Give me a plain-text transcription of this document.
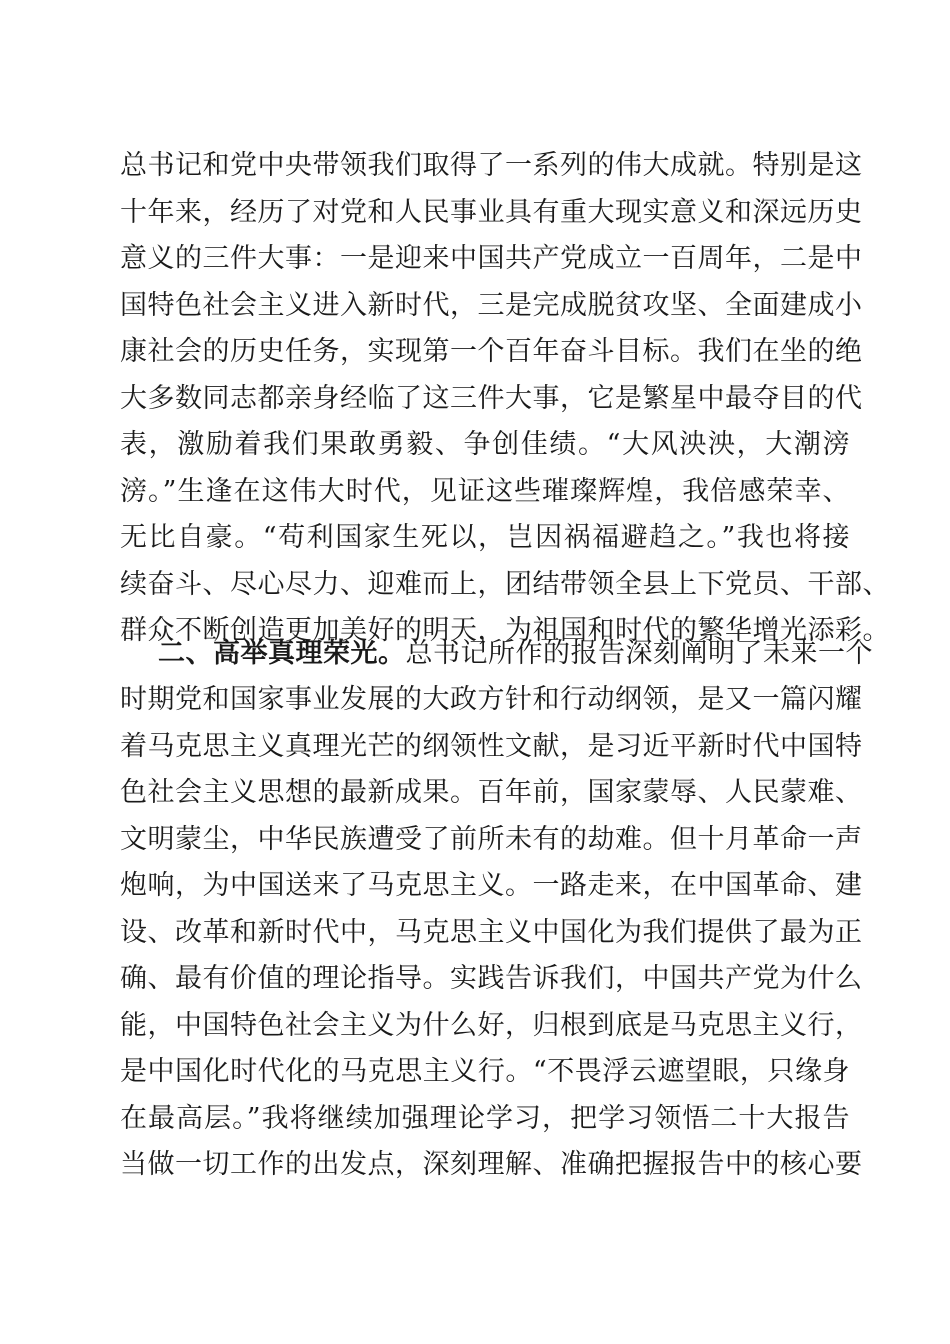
总书记和党中央带领我们取得了一系列的伟大成就。特别是这
十年来，经历了对党和人民事业具有重大现实意义和深远历史
意义的三件大事：一是迎来中国共产党成立一百周年，二是中
国特色社会主义进入新时代，三是完成脱贫攻坚、全面建成小
康社会的历史任务，实现第一个百年奋斗目标。我们在坐的绝
大多数同志都亲身经临了这三件大事，它是繁星中最夺目的代
表，激励着我们果敢勇毅、争创佳绩。“大风泱泱，大潮滂
滂。”生逢在这伟大时代，见证这些璀璨辉煌，我倍感荣幸、
无比自豪。“苟利国家生死以，岂因祸福避趋之。”我也将接
续奋斗、尽心尽力、迎难而上，团结带领全县上下党员、干部、
群众不断创造更加美好的明天，为祖国和时代的繁华增光添彩。
二、高举真理荣光。总书记所作的报告深刻阐明了未来一个
时期党和国家事业发展的大政方针和行动纲领，是又一篇闪耀
着马克思主义真理光芒的纲领性文献，是习近平新时代中国特
色社会主义思想的最新成果。百年前，国家蒙辱、人民蒙难、
文明蒙尘，中华民族遭受了前所未有的劫难。但十月革命一声
炮响，为中国送来了马克思主义。一路走来，在中国革命、建
设、改革和新时代中，马克思主义中国化为我们提供了最为正
确、最有价值的理论指导。实践告诉我们，中国共产党为什么
能，中国特色社会主义为什么好，归根到底是马克思主义行，
是中国化时代化的马克思主义行。“不畏浮云遮望眼，只缘身
在最高层。”我将继续加强理论学习，把学习领悟二十大报告
当做一切工作的出发点，深刻理解、准确把握报告中的核心要
